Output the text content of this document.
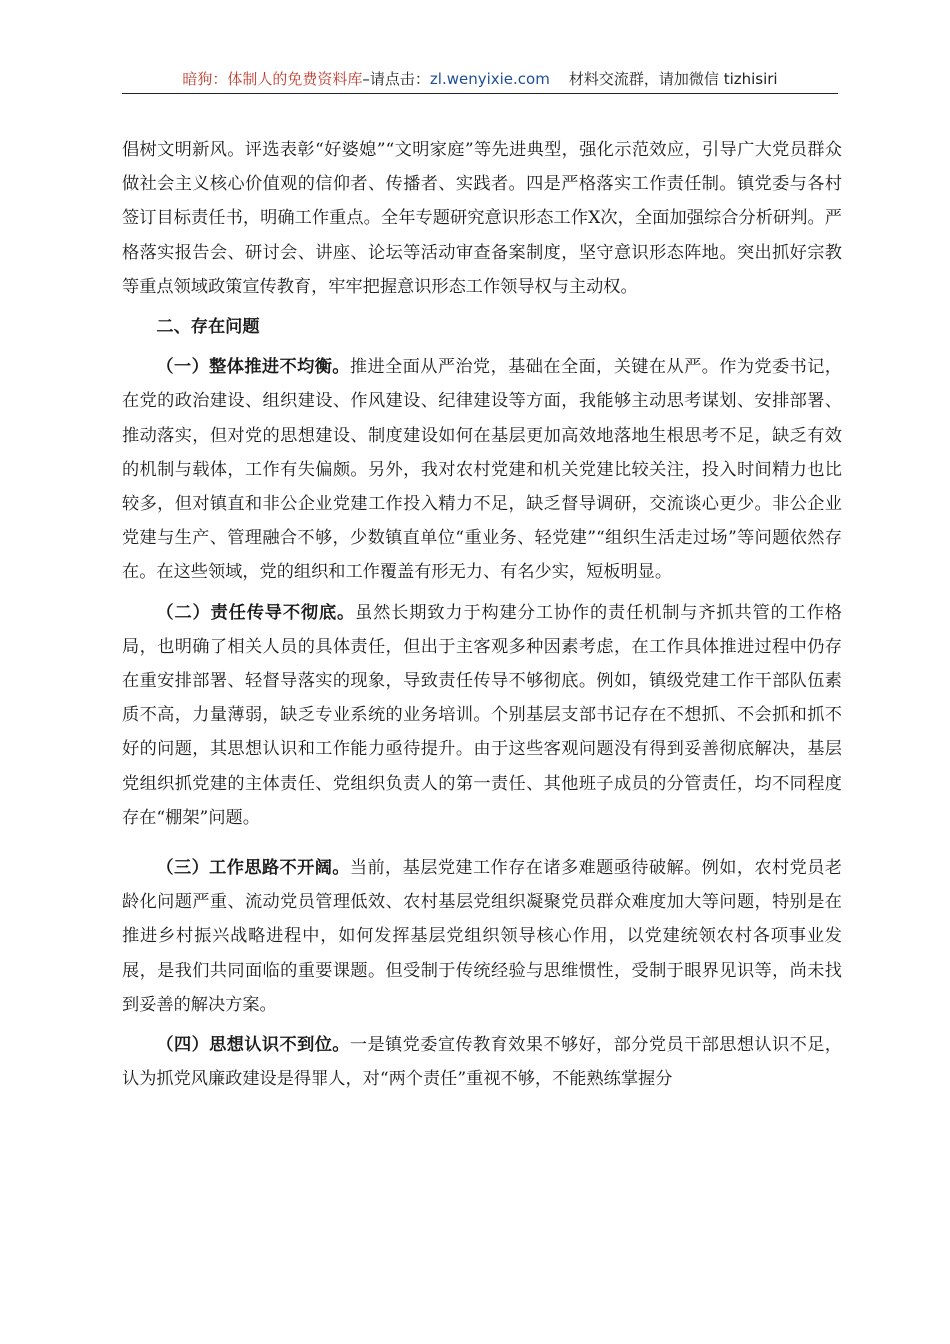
暗狗：体制人的免费资料库–请点击：zl.wenyixie.com 材料交流群，请加微信 tizhisiri

倡树文明新风。评选表彰“好婆媳”“文明家庭”等先进典型，强化示范效应，引导广大党员群众做社会主义核心价值观的信仰者、传播者、实践者。四是严格落实工作责任制。镇党委与各村签订目标责任书，明确工作重点。全年专题研究意识形态工作X次，全面加强综合分析研判。严格落实报告会、研讨会、讲座、论坛等活动审查备案制度，坚守意识形态阵地。突出抓好宗教等重点领域政策宣传教育，牢牢把握意识形态工作领导权与主动权。

二、存在问题

（一）整体推进不均衡。推进全面从严治党，基础在全面，关键在从严。作为党委书记，在党的政治建设、组织建设、作风建设、纪律建设等方面，我能够主动思考谋划、安排部署、推动落实，但对党的思想建设、制度建设如何在基层更加高效地落地生根思考不足，缺乏有效的机制与载体，工作有失偏颇。另外，我对农村党建和机关党建比较关注，投入时间精力也比较多，但对镇直和非公企业党建工作投入精力不足，缺乏督导调研，交流谈心更少。非公企业党建与生产、管理融合不够，少数镇直单位“重业务、轻党建”“组织生活走过场”等问题依然存在。在这些领域，党的组织和工作覆盖有形无力、有名少实，短板明显。

（二）责任传导不彻底。虽然长期致力于构建分工协作的责任机制与齐抓共管的工作格局，也明确了相关人员的具体责任，但出于主客观多种因素考虑，在工作具体推进过程中仍存在重安排部署、轻督导落实的现象，导致责任传导不够彻底。例如，镇级党建工作干部队伍素质不高，力量薄弱，缺乏专业系统的业务培训。个别基层支部书记存在不想抓、不会抓和抓不好的问题，其思想认识和工作能力亟待提升。由于这些客观问题没有得到妥善彻底解决，基层党组织抓党建的主体责任、党组织负责人的第一责任、其他班子成员的分管责任，均不同程度存在“棚架”问题。

（三）工作思路不开阔。当前，基层党建工作存在诸多难题亟待破解。例如，农村党员老龄化问题严重、流动党员管理低效、农村基层党组织凝聚党员群众难度加大等问题，特别是在推进乡村振兴战略进程中，如何发挥基层党组织领导核心作用，以党建统领农村各项事业发展，是我们共同面临的重要课题。但受制于传统经验与思维惯性，受制于眼界见识等，尚未找到妥善的解决方案。

（四）思想认识不到位。一是镇党委宣传教育效果不够好，部分党员干部思想认识不足，认为抓党风廉政建设是得罪人，对“两个责任”重视不够，不能熟练掌握分
